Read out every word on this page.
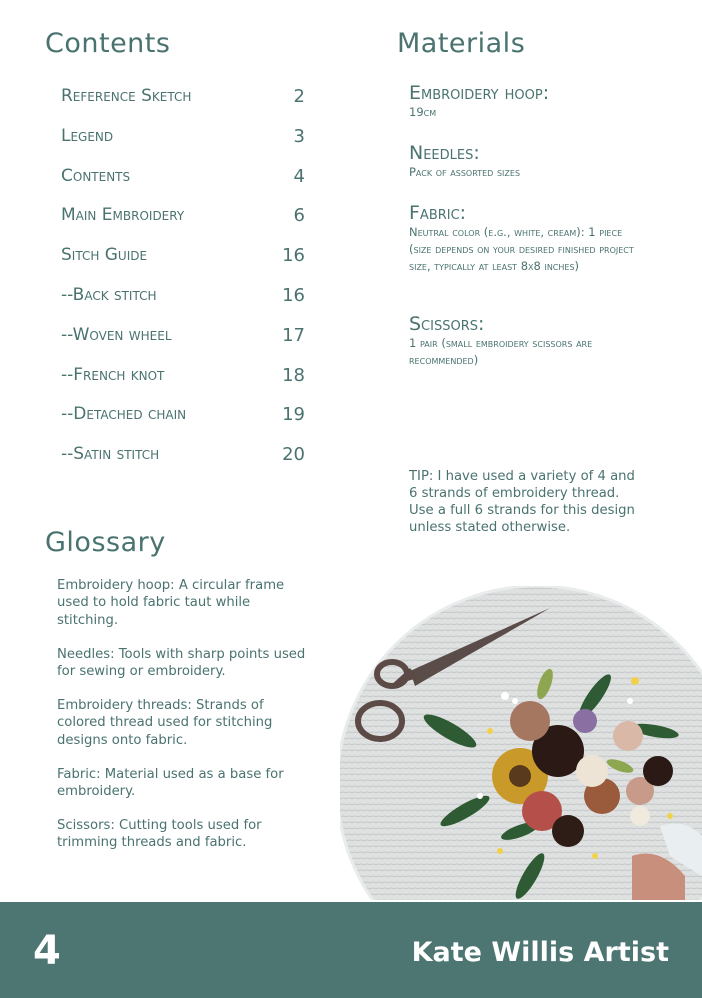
Contents	Materials
Glossary
Reference Sketch	2
Legend	3
Contents	4
Main Embroidery	6
Sitch Guide	16
--Back stitch	16
--Woven wheel	17
--French knot	18
--Detached chain	19
--Satin stitch	20
Embroidery hoop:
19cm
Needles:
Pack of assorted sizes
Fabric:
Neutral color (e.g., white, cream): 1 piece (size depends on your desired finished project size, typically at least 8x8 inches)
Scissors:
1 pair (small embroidery scissors are recommended)
TIP: I have used a variety of 4 and 6 strands of embroidery thread. Use a full 6 strands for this design unless stated otherwise.
Embroidery hoop: A circular frame used to hold fabric taut while stitching.
Needles: Tools with sharp points used for sewing or embroidery.
Embroidery threads: Strands of colored thread used for stitching designs onto fabric.
Fabric: Material used as a base for embroidery.
Scissors: Cutting tools used for trimming threads and fabric.
4	Kate Willis Artist
